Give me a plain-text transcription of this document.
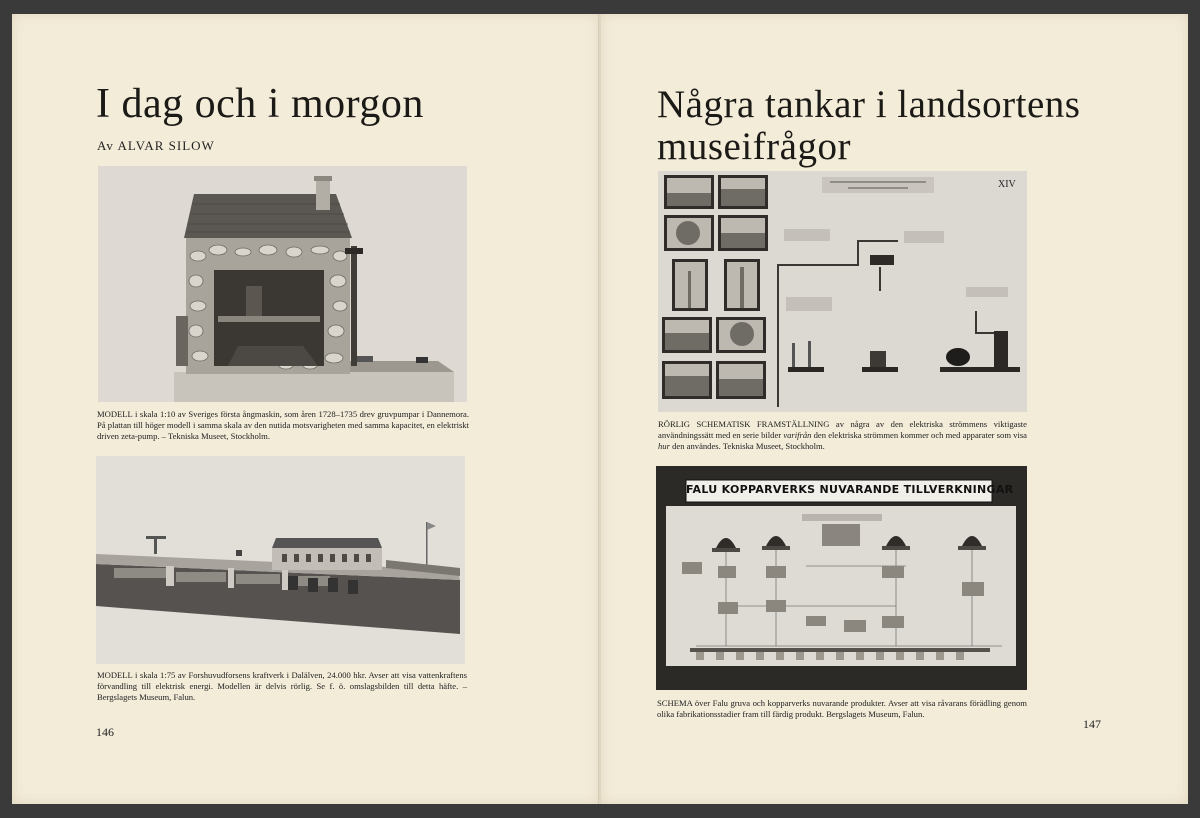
I dag och i morgon
Av ALVAR SILOW

MODELL i skala 1:10 av Sveriges första ångmaskin, som åren 1728–1735 drev gruvpumpar i Dannemora. På plattan till höger modell i samma skala av den nutida motsvarigheten med samma kapacitet, en elektriskt driven zeta-pump. – Tekniska Museet, Stockholm.

MODELL i skala 1:75 av Forshuvudforsens kraftverk i Dalälven, 24.000 hkr. Avser att visa vattenkraftens förvandling till elektrisk energi. Modellen är delvis rörlig. Se f. ö. omslagsbilden till detta häfte. – Bergslagets Museum, Falun.

146
Några tankar i landsortens
museifrågor
XIV

RÖRLIG SCHEMATISK FRAMSTÄLLNING av några av den elektriska strömmens viktigaste användningssätt med en serie bilder varifrån den elektriska strömmen kommer och med apparater som visa hur den användes. Tekniska Museet, Stockholm.

FALU KOPPARVERKS NUVARANDE TILLVERKNINGAR

SCHEMA över Falu gruva och kopparverks nuvarande produkter. Avser att visa råvarans förädling genom olika fabrikationsstadier fram till färdig produkt. Bergslagets Museum, Falun.

147
